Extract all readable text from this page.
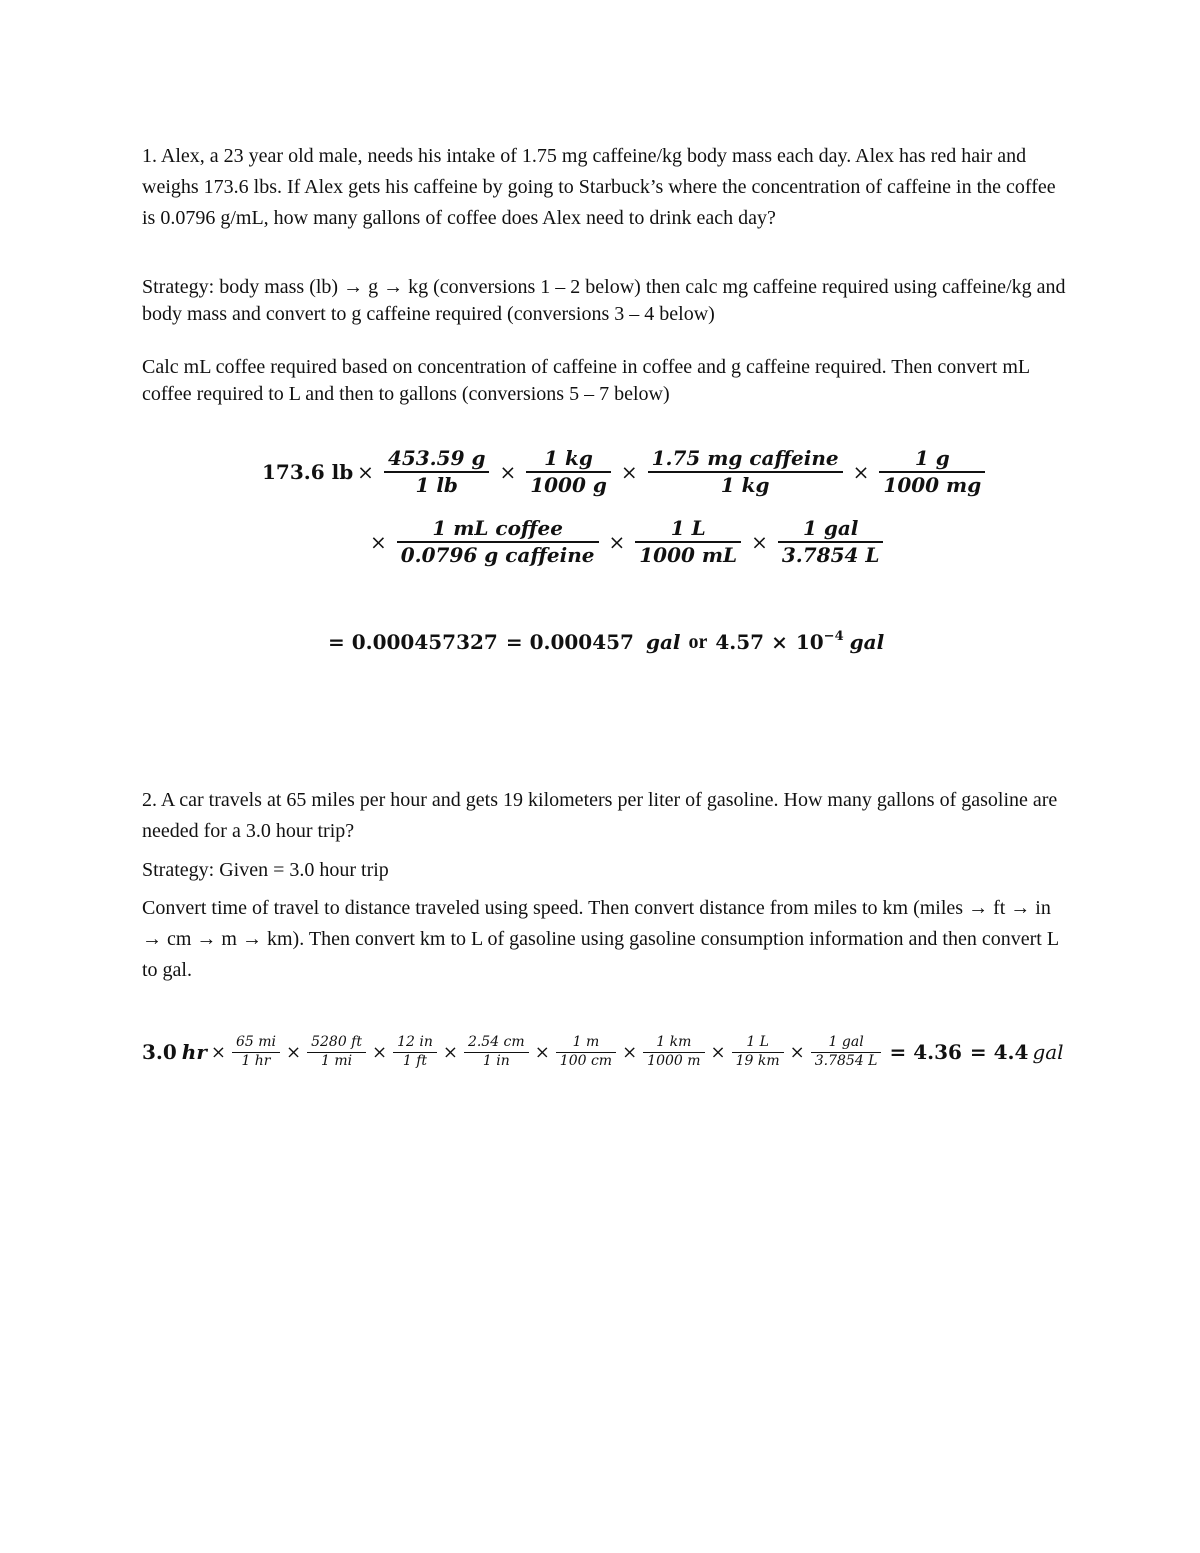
1. Alex, a 23 year old male, needs his intake of 1.75 mg caffeine/kg body mass each day. Alex has red hair and weighs 173.6 lbs. If Alex gets his caffeine by going to Starbuck’s where the concentration of caffeine in the coffee is 0.0796 g/mL, how many gallons of coffee does Alex need to drink each day?

Strategy: body mass (lb) → g → kg (conversions 1 – 2 below) then calc mg caffeine required using caffeine/kg and body mass and convert to g caffeine required (conversions 3 – 4 below)

Calc mL coffee required based on concentration of caffeine in coffee and g caffeine required. Then convert mL coffee required to L and then to gallons (conversions 5 – 7 below)

173.6 lb × $\frac{453.59 g}{1 lb} \times \frac{1 kg}{1000 g} \times \frac{\text{1.75 mg caffeine}}{1 kg} \times \frac{1 g}{1000 mg}$
× $\frac{\text{1 mL coffee}}{\text{0.0796 g caffeine}} \times \frac{1 L}{1000 mL} \times \frac{\text{1 gal}}{3.7854 L}$
= 0.000457327 = 0.000457 gal or $4.57 \times 10^{-4}$ gal

2. A car travels at 65 miles per hour and gets 19 kilometers per liter of gasoline. How many gallons of gasoline are needed for a 3.0 hour trip?

Strategy: Given = 3.0 hour trip

Convert time of travel to distance traveled using speed. Then convert distance from miles to km (miles → ft → in → cm → m → km). Then convert km to L of gasoline using gasoline consumption information and then convert L to gal.

3.0 hr × $\frac{65 mi}{1 hr} \times \frac{5280 ft}{1 mi} \times \frac{12 in}{1 ft} \times \frac{2.54 cm}{1 in} \times \frac{1 m}{100 cm} \times \frac{1 km}{1000 m} \times \frac{1 L}{19 km} \times \frac{\text{1 gal}}{3.7854 L} = 4.36 = 4.4$ gal
